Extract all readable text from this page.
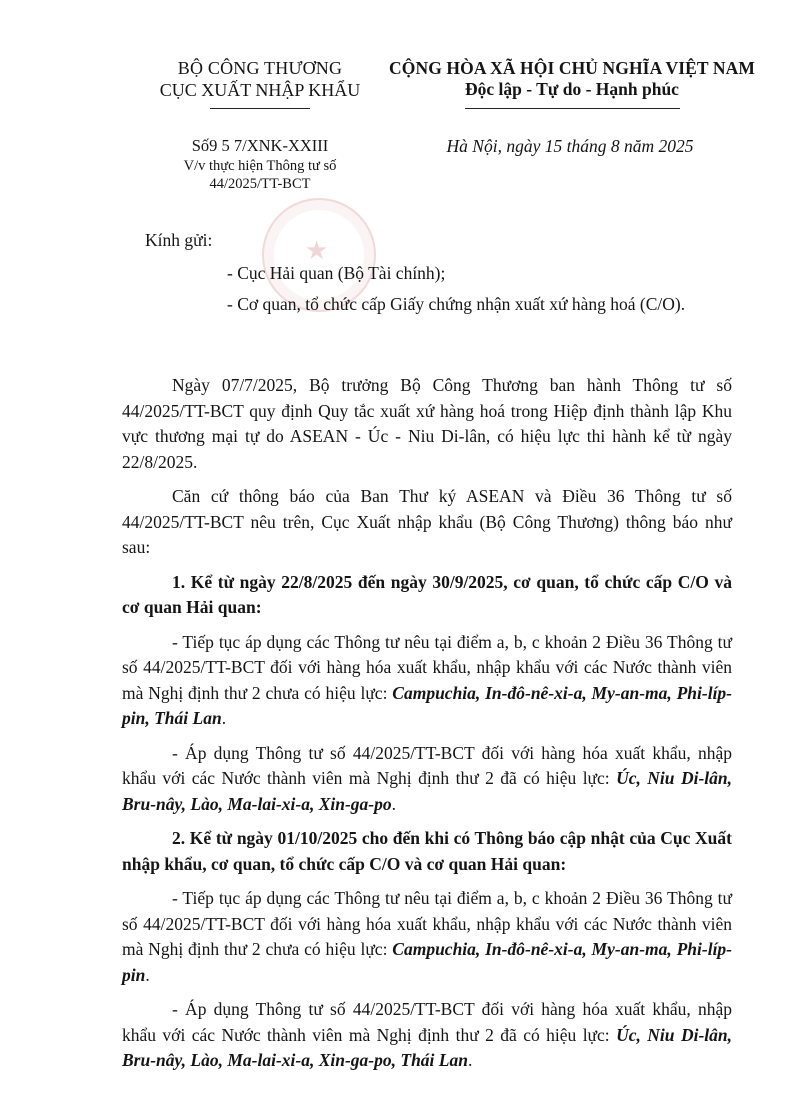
★
BỘ CÔNG THƯƠNG
CỤC XUẤT NHẬP KHẨU
CỘNG HÒA XÃ HỘI CHỦ NGHĨA VIỆT NAM
Độc lập - Tự do - Hạnh phúc
Số9 5 7/XNK-XXIII
V/v thực hiện Thông tư số
44/2025/TT-BCT
Hà Nội, ngày 15 tháng 8 năm 2025
Kính gửi:
- Cục Hải quan (Bộ Tài chính);
- Cơ quan, tổ chức cấp Giấy chứng nhận xuất xứ hàng hoá (C/O).

Ngày 07/7/2025, Bộ trưởng Bộ Công Thương ban hành Thông tư số 44/2025/TT-BCT quy định Quy tắc xuất xứ hàng hoá trong Hiệp định thành lập Khu vực thương mại tự do ASEAN - Úc - Niu Di-lân, có hiệu lực thi hành kể từ ngày 22/8/2025.

Căn cứ thông báo của Ban Thư ký ASEAN và Điều 36 Thông tư số 44/2025/TT-BCT nêu trên, Cục Xuất nhập khẩu (Bộ Công Thương) thông báo như sau:

1. Kể từ ngày 22/8/2025 đến ngày 30/9/2025, cơ quan, tổ chức cấp C/O và cơ quan Hải quan:

- Tiếp tục áp dụng các Thông tư nêu tại điểm a, b, c khoản 2 Điều 36 Thông tư số 44/2025/TT-BCT đối với hàng hóa xuất khẩu, nhập khẩu với các Nước thành viên mà Nghị định thư 2 chưa có hiệu lực: Campuchia, In-đô-nê-xi-a, My-an-ma, Phi-líp-pin, Thái Lan.

- Áp dụng Thông tư số 44/2025/TT-BCT đối với hàng hóa xuất khẩu, nhập khẩu với các Nước thành viên mà Nghị định thư 2 đã có hiệu lực: Úc, Niu Di-lân, Bru-nây, Lào, Ma-lai-xi-a, Xin-ga-po.

2. Kể từ ngày 01/10/2025 cho đến khi có Thông báo cập nhật của Cục Xuất nhập khẩu, cơ quan, tổ chức cấp C/O và cơ quan Hải quan:

- Tiếp tục áp dụng các Thông tư nêu tại điểm a, b, c khoản 2 Điều 36 Thông tư số 44/2025/TT-BCT đối với hàng hóa xuất khẩu, nhập khẩu với các Nước thành viên mà Nghị định thư 2 chưa có hiệu lực: Campuchia, In-đô-nê-xi-a, My-an-ma, Phi-líp-pin.

- Áp dụng Thông tư số 44/2025/TT-BCT đối với hàng hóa xuất khẩu, nhập khẩu với các Nước thành viên mà Nghị định thư 2 đã có hiệu lực: Úc, Niu Di-lân, Bru-nây, Lào, Ma-lai-xi-a, Xin-ga-po, Thái Lan.
